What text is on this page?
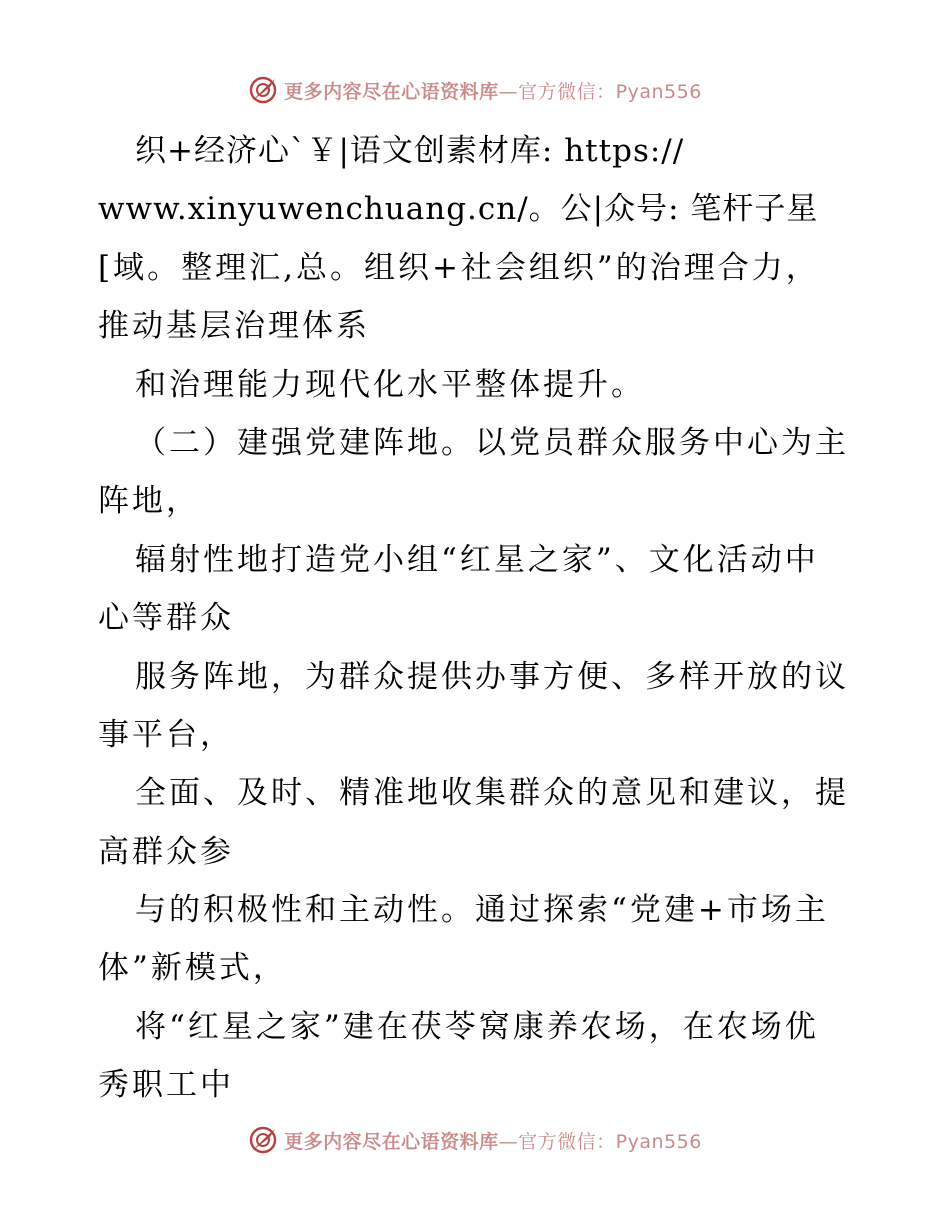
更多内容尽在心语资料库—官方微信：Pyan556
织+经济心`￥|语文创素材库: https://
www.xinyuwenchuang.cn/。公|众号: 笔杆子星
[域。整理汇,总。组织+社会组织”的治理合力，
推动基层治理体系
和治理能力现代化水平整体提升。
（二）建强党建阵地。以党员群众服务中心为主
阵地，
辐射性地打造党小组“红星之家”、文化活动中
心等群众
服务阵地，为群众提供办事方便、多样开放的议
事平台，
全面、及时、精准地收集群众的意见和建议，提
高群众参
与的积极性和主动性。通过探索“党建+市场主
体”新模式，
将“红星之家”建在茯苓窝康养农场，在农场优
秀职工中
更多内容尽在心语资料库—官方微信：Pyan556
